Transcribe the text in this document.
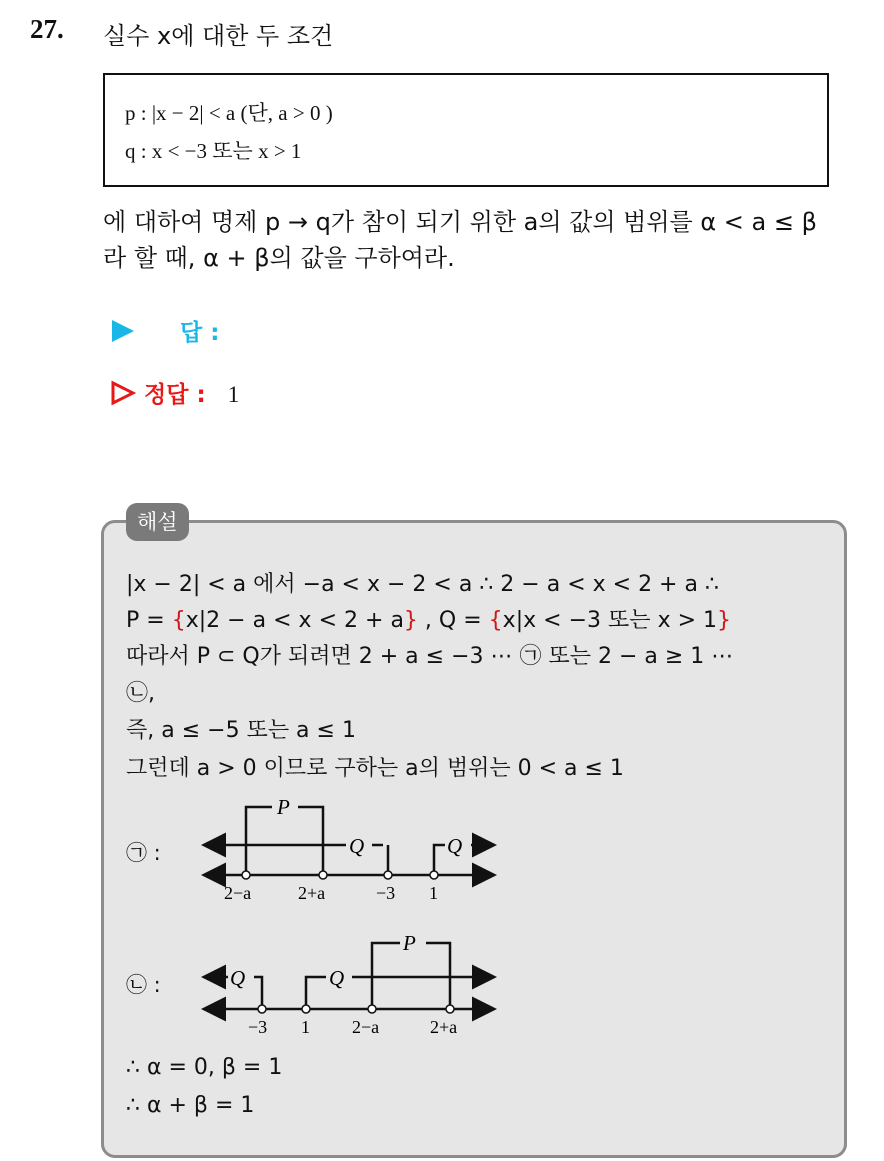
27. 실수 x에 대한 두 조건
p : |x − 2| < a (단, a > 0 )
q : x < −3 또는 x > 1
에 대하여 명제 p → q가 참이 되기 위한 a의 값의 범위를 α < a ≤ β
라 할 때, α + β의 값을 구하여라.
답 :
정답 : 1
|x − 2| < a 에서 −a < x − 2 < a ∴ 2 − a < x < 2 + a ∴
P = {x|2 − a < x < 2 + a} , Q = {x|x < −3 또는 x > 1}
따라서 P ⊂ Q가 되려면 2 + a ≤ −3 ⋯ ㉠ 또는 2 − a ≥ 1 ⋯
㉡,
즉, a ≤ −5 또는 a ≤ 1
그런데 a > 0 이므로 구하는 a의 범위는 0 < a ≤ 1
㉠ :
P
Q	Q
2−a	2+a	−3 1
㉡ :
P
Q	Q
−3 1 2−a	2+a
∴ α = 0, β = 1
∴ α + β = 1
해설
